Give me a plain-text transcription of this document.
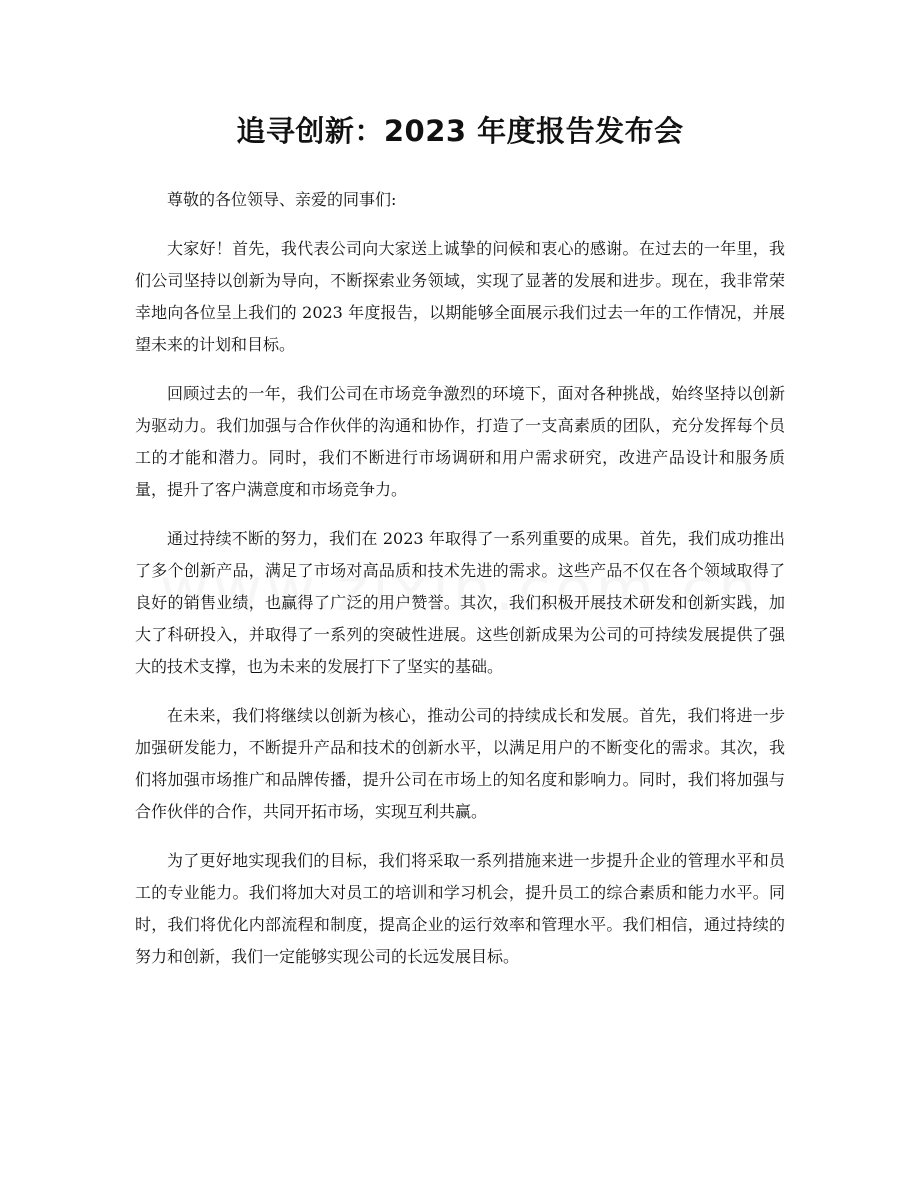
追寻创新：2023 年度报告发布会

尊敬的各位领导、亲爱的同事们:

大家好！首先，我代表公司向大家送上诚挚的问候和衷心的感谢。在过去的一年里，我们公司坚持以创新为导向，不断探索业务领域，实现了显著的发展和进步。现在，我非常荣幸地向各位呈上我们的 2023 年度报告，以期能够全面展示我们过去一年的工作情况，并展望未来的计划和目标。

回顾过去的一年，我们公司在市场竞争激烈的环境下，面对各种挑战，始终坚持以创新为驱动力。我们加强与合作伙伴的沟通和协作，打造了一支高素质的团队，充分发挥每个员工的才能和潜力。同时，我们不断进行市场调研和用户需求研究，改进产品设计和服务质量，提升了客户满意度和市场竞争力。

通过持续不断的努力，我们在 2023 年取得了一系列重要的成果。首先，我们成功推出了多个创新产品，满足了市场对高品质和技术先进的需求。这些产品不仅在各个领域取得了良好的销售业绩，也赢得了广泛的用户赞誉。其次，我们积极开展技术研发和创新实践，加大了科研投入，并取得了一系列的突破性进展。这些创新成果为公司的可持续发展提供了强大的技术支撑，也为未来的发展打下了坚实的基础。

在未来，我们将继续以创新为核心，推动公司的持续成长和发展。首先，我们将进一步加强研发能力，不断提升产品和技术的创新水平，以满足用户的不断变化的需求。其次，我们将加强市场推广和品牌传播，提升公司在市场上的知名度和影响力。同时，我们将加强与合作伙伴的合作，共同开拓市场，实现互利共赢。

为了更好地实现我们的目标，我们将采取一系列措施来进一步提升企业的管理水平和员工的专业能力。我们将加大对员工的培训和学习机会，提升员工的综合素质和能力水平。同时，我们将优化内部流程和制度，提高企业的运行效率和管理水平。我们相信，通过持续的努力和创新，我们一定能够实现公司的长远发展目标。
